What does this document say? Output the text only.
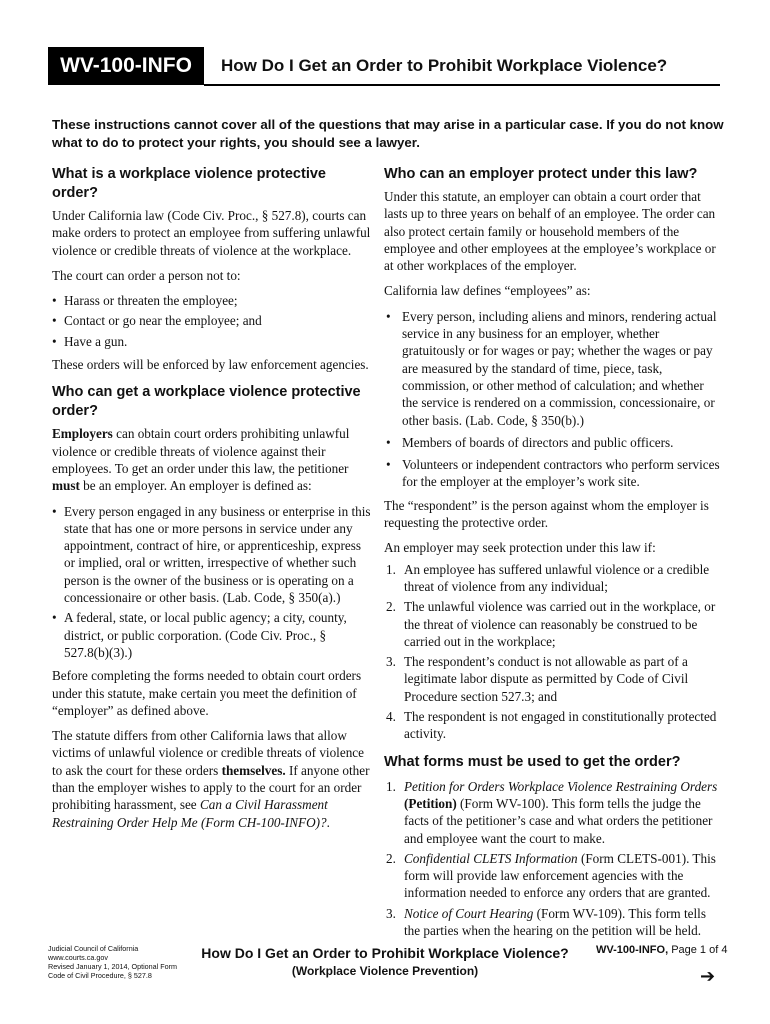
WV-100-INFO How Do I Get an Order to Prohibit Workplace Violence?
These instructions cannot cover all of the questions that may arise in a particular case. If you do not know what to do to protect your rights, you should see a lawyer.
What is a workplace violence protective order?

Under California law (Code Civ. Proc., § 527.8), courts can make orders to protect an employee from suffering unlawful violence or credible threats of violence at the workplace.

The court can order a person not to:

• Harass or threaten the employee;
• Contact or go near the employee; and
• Have a gun.

These orders will be enforced by law enforcement agencies.

Who can get a workplace violence protective order?

Employers can obtain court orders prohibiting unlawful violence or credible threats of violence against their employees. To get an order under this law, the petitioner must be an employer. An employer is defined as:

• Every person engaged in any business or enterprise in this state that has one or more persons in service under any appointment, contract of hire, or apprenticeship, express or implied, oral or written, irrespective of whether such person is the owner of the business or is operating on a concessionaire or other basis. (Lab. Code, § 350(a).)
• A federal, state, or local public agency; a city, county, district, or public corporation. (Code Civ. Proc., § 527.8(b)(3).)

Before completing the forms needed to obtain court orders under this statute, make certain you meet the definition of “employer” as defined above.

The statute differs from other California laws that allow victims of unlawful violence or credible threats of violence to ask the court for these orders themselves. If anyone other than the employer wishes to apply to the court for an order prohibiting harassment, see Can a Civil Harassment Restraining Order Help Me (Form CH-100-INFO)?.

Who can an employer protect under this law?

Under this statute, an employer can obtain a court order that lasts up to three years on behalf of an employee. The order can also protect certain family or household members of the employee and other employees at the employee’s workplace or at other workplaces of the employer.

California law defines “employees” as:

• Every person, including aliens and minors, rendering actual service in any business for an employer, whether gratuitously or for wages or pay; whether the wages or pay are measured by the standard of time, piece, task, commission, or other method of calculation; and whether the service is rendered on a commission, concessionaire, or other basis. (Lab. Code, § 350(b).)
• Members of boards of directors and public officers.
• Volunteers or independent contractors who perform services for the employer at the employer’s work site.

The “respondent” is the person against whom the employer is requesting the protective order.

An employer may seek protection under this law if:

1. An employee has suffered unlawful violence or a credible threat of violence from any individual;
2. The unlawful violence was carried out in the workplace, or the threat of violence can reasonably be construed to be carried out in the workplace;
3. The respondent’s conduct is not allowable as part of a legitimate labor dispute as permitted by Code of Civil Procedure section 527.3; and
4. The respondent is not engaged in constitutionally protected activity.
What forms must be used to get the order?
1. Petition for Orders Workplace Violence Restraining Orders (Petition) (Form WV-100). This form tells the judge the facts of the petitioner’s case and what orders the petitioner and employee want the court to make.
2. Confidential CLETS Information (Form CLETS-001). This form will provide law enforcement agencies with the information needed to enforce any orders that are granted.
3. Notice of Court Hearing (Form WV-109). This form tells the parties when the hearing on the petition will be held.
Judicial Council of California
www.courts.ca.gov
Revised January 1, 2014, Optional Form
Code of Civil Procedure, § 527.8
How Do I Get an Order to Prohibit Workplace Violence?
(Workplace Violence Prevention)
WV-100-INFO, Page 1 of 4
➔
